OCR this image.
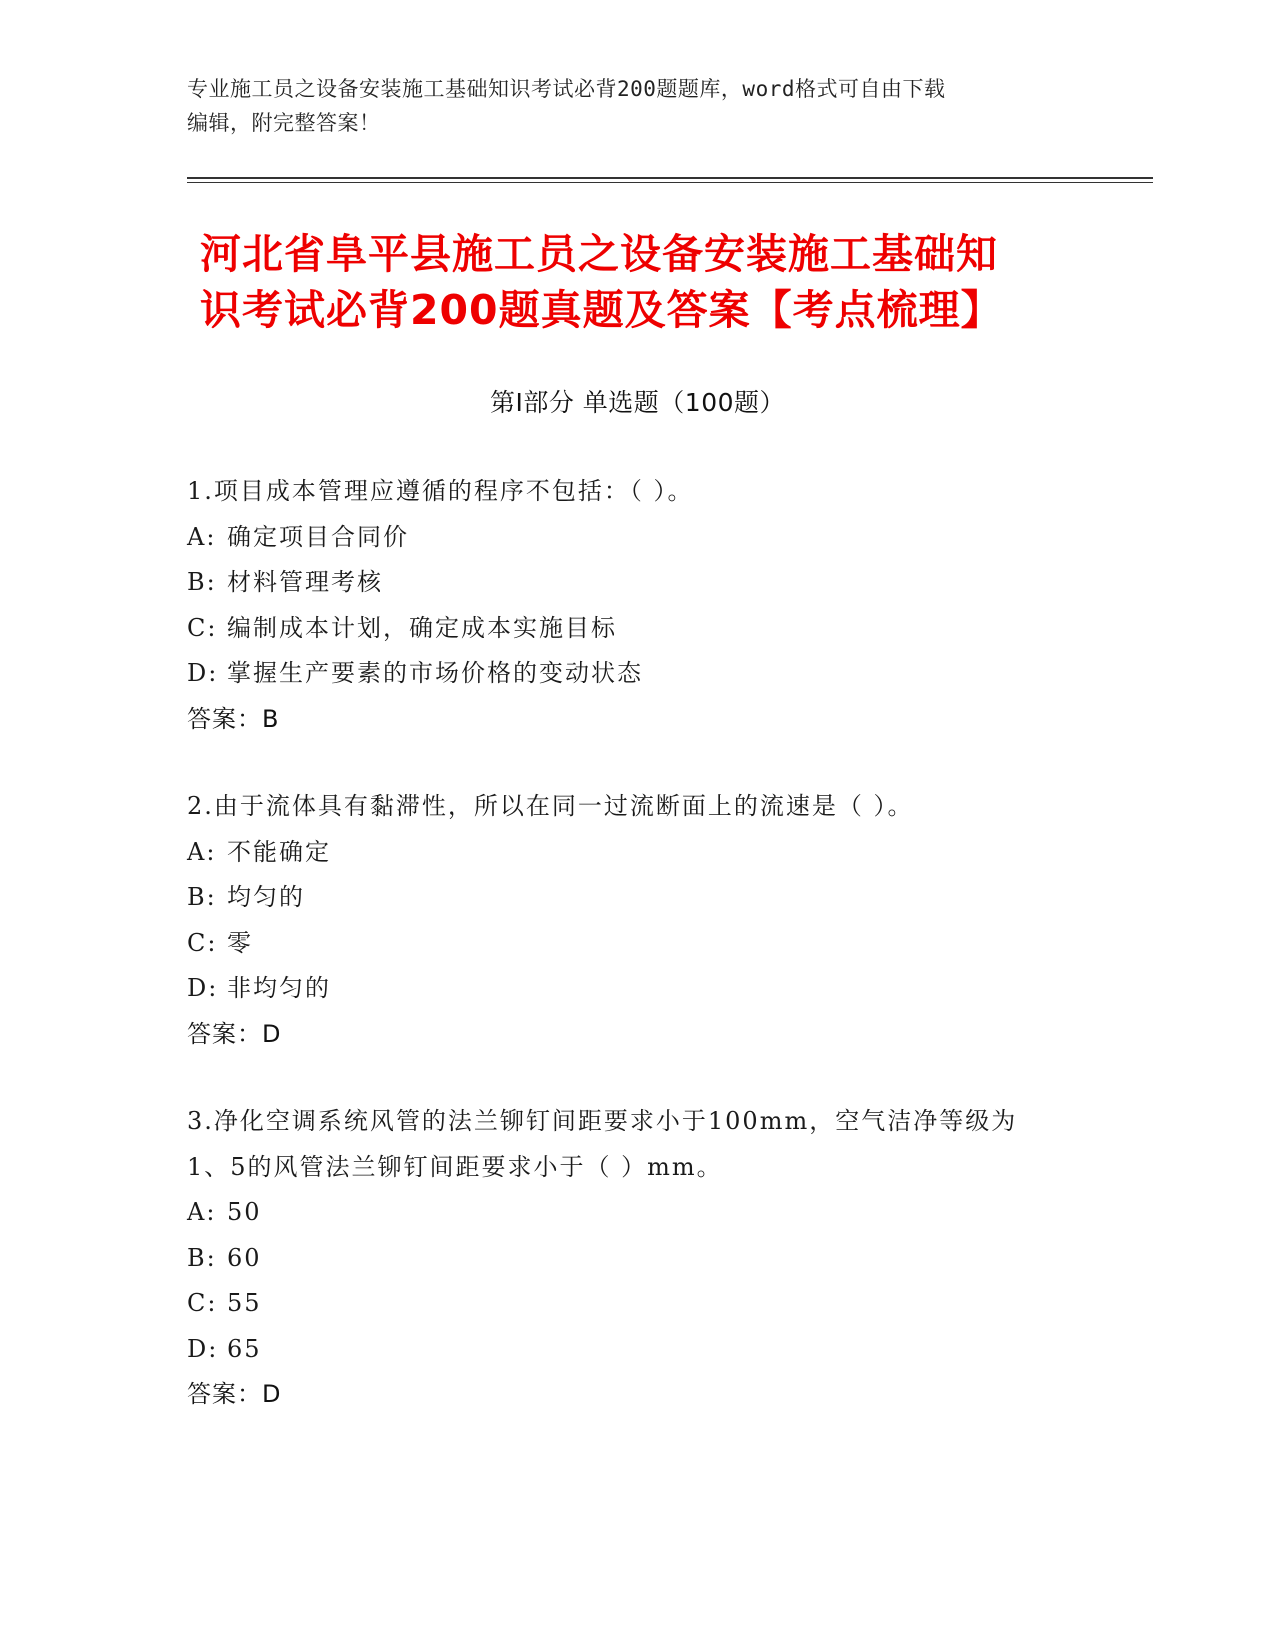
专业施工员之设备安装施工基础知识考试必背200题题库，word格式可自由下载
编辑，附完整答案！
河北省阜平县施工员之设备安装施工基础知
识考试必背200题真题及答案【考点梳理】
第Ⅰ部分 单选题（100题）

1.项目成本管理应遵循的程序不包括：（ ）。

A: 确定项目合同价

B: 材料管理考核

C: 编制成本计划，确定成本实施目标

D: 掌握生产要素的市场价格的变动状态

答案：B

2.由于流体具有黏滞性，所以在同一过流断面上的流速是（ ）。

A: 不能确定

B: 均匀的

C: 零

D: 非均匀的

答案：D

3.净化空调系统风管的法兰铆钉间距要求小于100mm，空气洁净等级为

1、5的风管法兰铆钉间距要求小于（ ）mm。

A: 50

B: 60

C: 55

D: 65

答案：D
